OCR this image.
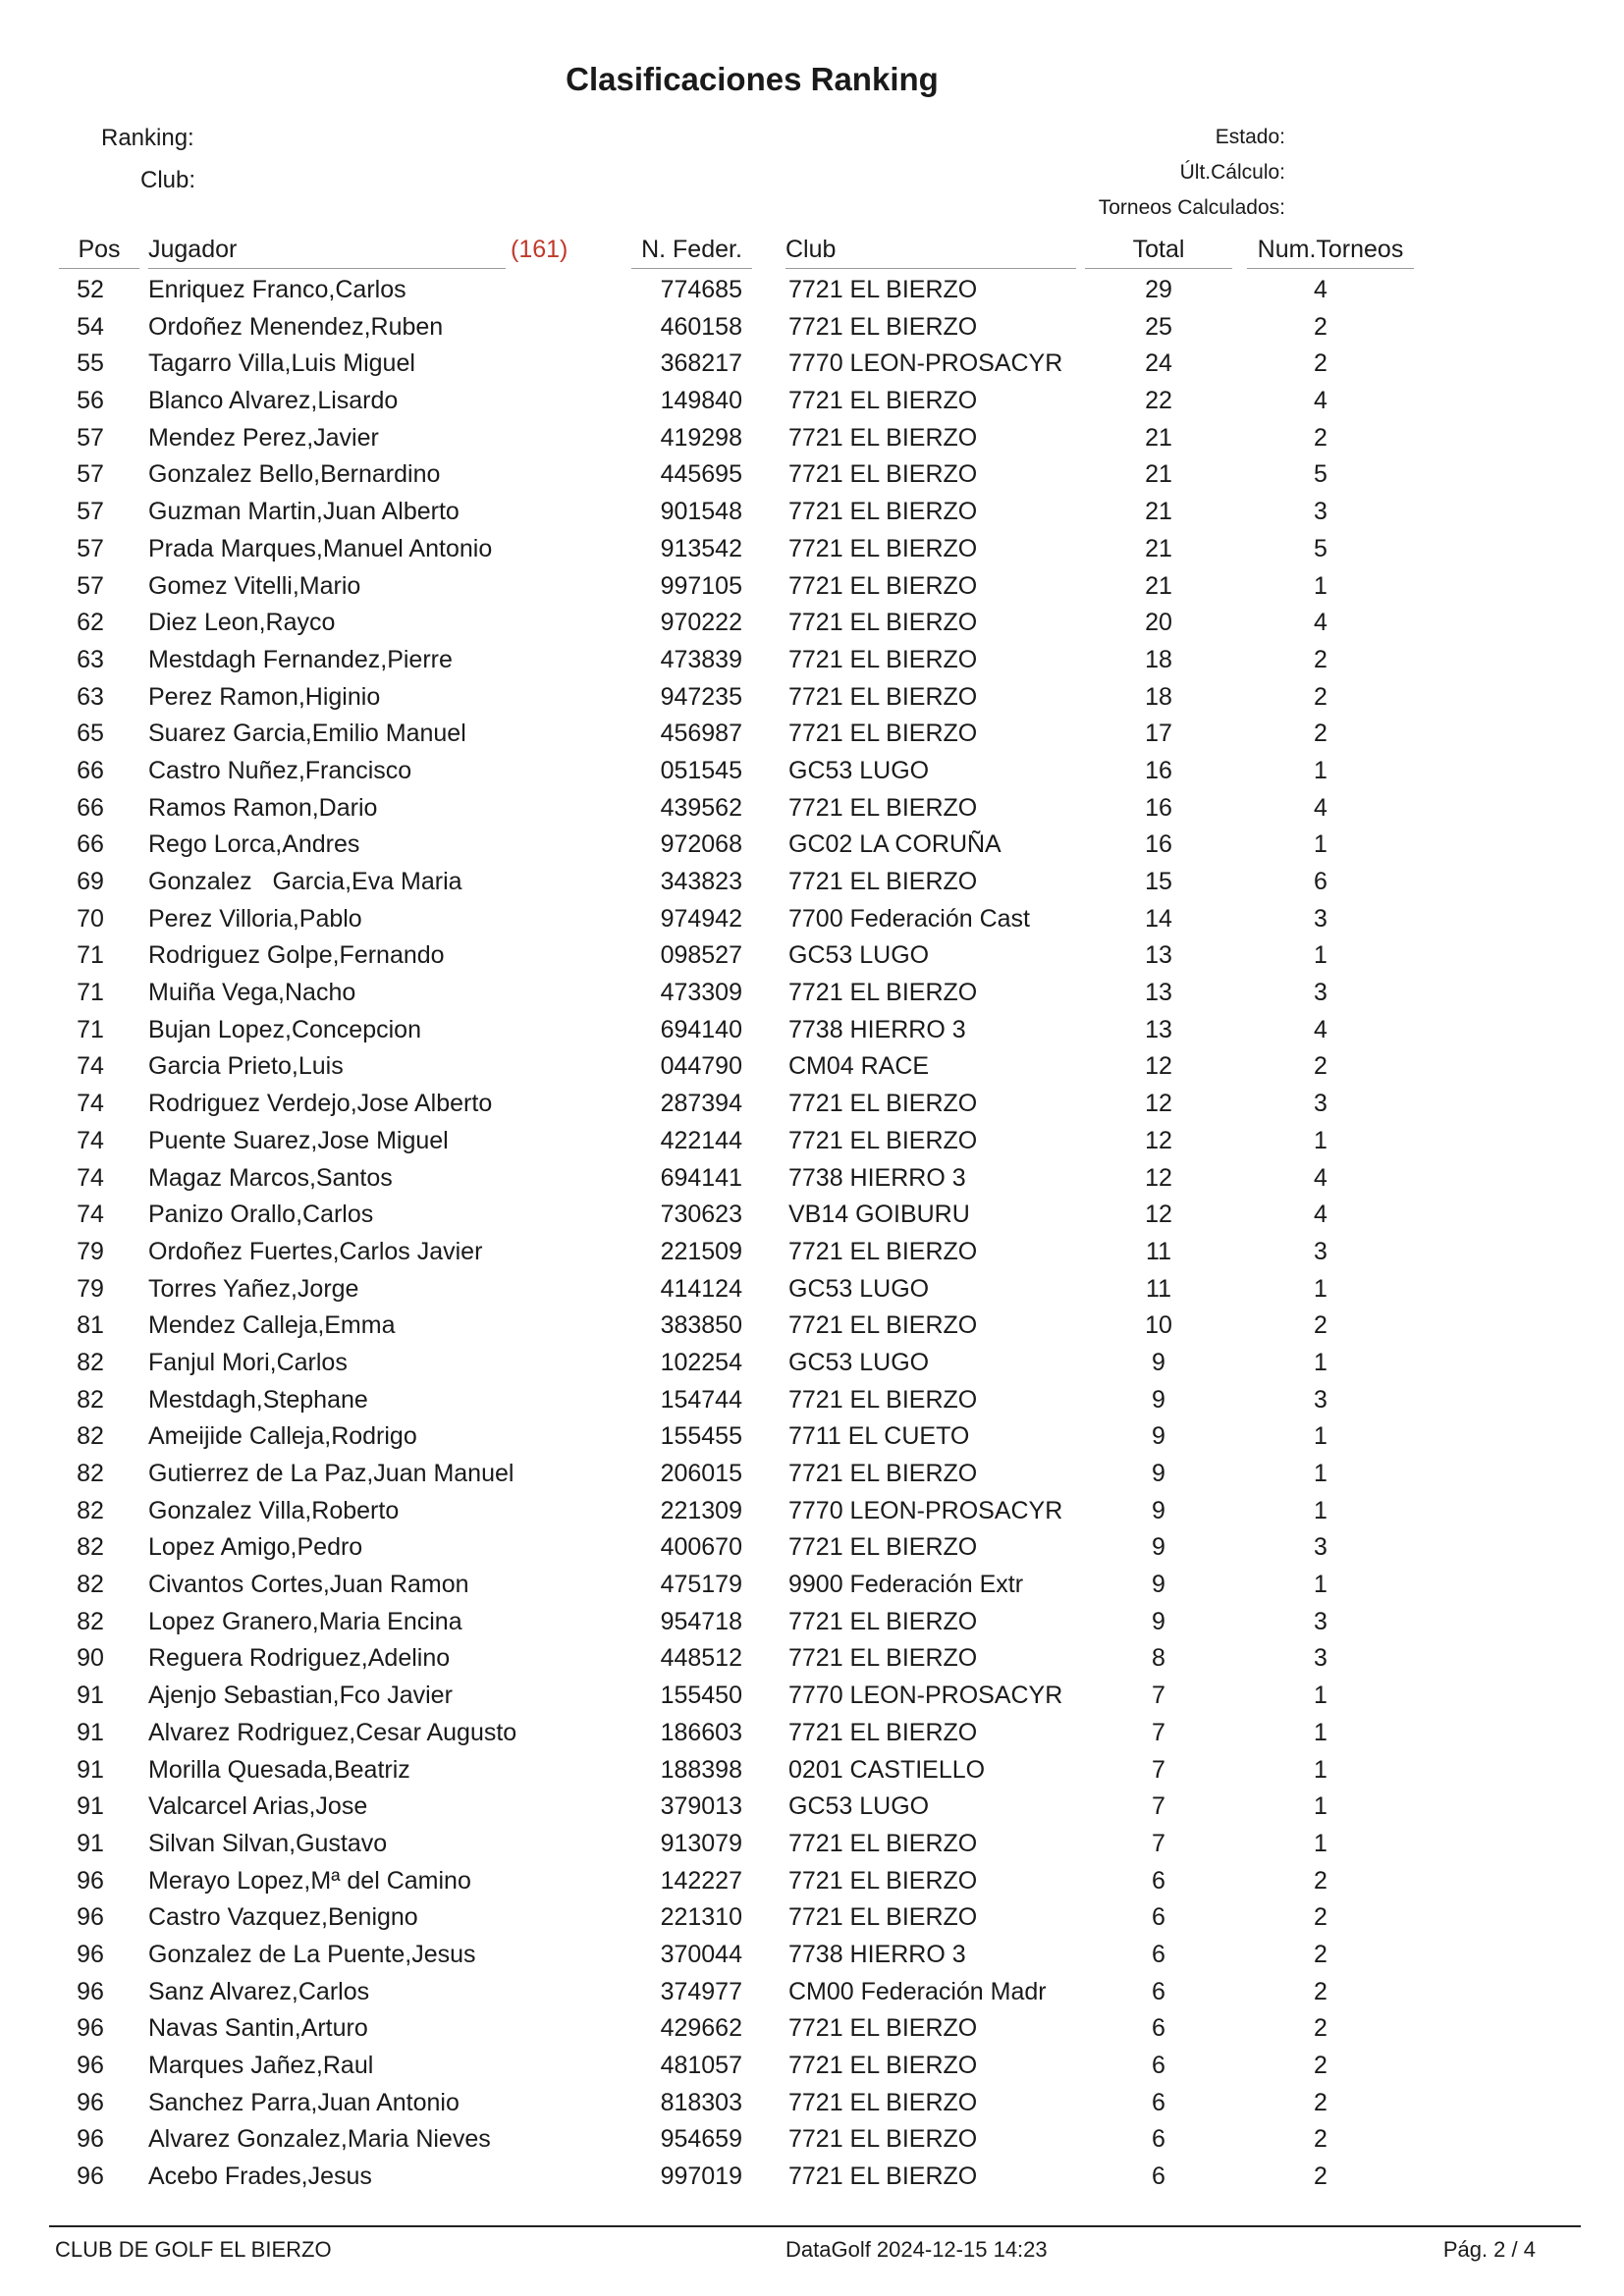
Clasificaciones Ranking
Ranking:
Club:
Estado:
Últ.Cálculo:
Torneos Calculados:
Pos	Jugador	(161)	N. Feder.	Club	Total	Num.Torneos
52	Enriquez Franco,Carlos	774685 7721 EL BIERZO	29	4
54	Ordoñez Menendez,Ruben	460158 7721 EL BIERZO	25	2
55	Tagarro Villa,Luis Miguel	368217 7770 LEON-PROSACYR	24	2
56	Blanco Alvarez,Lisardo	149840 7721 EL BIERZO	22	4
57	Mendez Perez,Javier	419298 7721 EL BIERZO	21	2
57	Gonzalez Bello,Bernardino	445695 7721 EL BIERZO	21	5
57	Guzman Martin,Juan Alberto	901548 7721 EL BIERZO	21	3
57	Prada Marques,Manuel Antonio	913542 7721 EL BIERZO	21	5
57	Gomez Vitelli,Mario	997105 7721 EL BIERZO	21	1
62	Diez Leon,Rayco	970222 7721 EL BIERZO	20	4
63	Mestdagh Fernandez,Pierre	473839 7721 EL BIERZO	18	2
63	Perez Ramon,Higinio	947235 7721 EL BIERZO	18	2
65	Suarez Garcia,Emilio Manuel	456987 7721 EL BIERZO	17	2
66	Castro Nuñez,Francisco	051545 GC53 LUGO	16	1
66	Ramos Ramon,Dario	439562 7721 EL BIERZO	16	4
66	Rego Lorca,Andres	972068 GC02 LA CORUÑA	16	1
69	Gonzalez   Garcia,Eva Maria	343823 7721 EL BIERZO	15	6
70	Perez Villoria,Pablo	974942 7700 Federación Cast	14	3
71	Rodriguez Golpe,Fernando	098527 GC53 LUGO	13	1
71	Muiña Vega,Nacho	473309 7721 EL BIERZO	13	3
71	Bujan Lopez,Concepcion	694140 7738 HIERRO 3	13	4
74	Garcia Prieto,Luis	044790 CM04 RACE	12	2
74	Rodriguez Verdejo,Jose Alberto	287394 7721 EL BIERZO	12	3
74	Puente Suarez,Jose Miguel	422144 7721 EL BIERZO	12	1
74	Magaz Marcos,Santos	694141 7738 HIERRO 3	12	4
74	Panizo Orallo,Carlos	730623 VB14 GOIBURU	12	4
79	Ordoñez Fuertes,Carlos Javier	221509 7721 EL BIERZO	11	3
79	Torres Yañez,Jorge	414124 GC53 LUGO	11	1
81	Mendez Calleja,Emma	383850 7721 EL BIERZO	10	2
82	Fanjul Mori,Carlos	102254 GC53 LUGO	9	1
82	Mestdagh,Stephane	154744 7721 EL BIERZO	9	3
82	Ameijide Calleja,Rodrigo	155455 7711 EL CUETO	9	1
82	Gutierrez de La Paz,Juan Manuel	206015 7721 EL BIERZO	9	1
82	Gonzalez Villa,Roberto	221309 7770 LEON-PROSACYR	9	1
82	Lopez Amigo,Pedro	400670 7721 EL BIERZO	9	3
82	Civantos Cortes,Juan Ramon	475179 9900 Federación Extr	9	1
82	Lopez Granero,Maria Encina	954718 7721 EL BIERZO	9	3
90	Reguera Rodriguez,Adelino	448512 7721 EL BIERZO	8	3
91	Ajenjo Sebastian,Fco Javier	155450 7770 LEON-PROSACYR	7	1
91	Alvarez Rodriguez,Cesar Augusto	186603 7721 EL BIERZO	7	1
91	Morilla Quesada,Beatriz	188398 0201 CASTIELLO	7	1
91	Valcarcel Arias,Jose	379013 GC53 LUGO	7	1
91	Silvan Silvan,Gustavo	913079 7721 EL BIERZO	7	1
96	Merayo Lopez,Mª del Camino	142227 7721 EL BIERZO	6	2
96	Castro Vazquez,Benigno	221310 7721 EL BIERZO	6	2
96	Gonzalez de La Puente,Jesus	370044 7738 HIERRO 3	6	2
96	Sanz Alvarez,Carlos	374977 CM00 Federación Madr	6	2
96	Navas Santin,Arturo	429662 7721 EL BIERZO	6	2
96	Marques Jañez,Raul	481057 7721 EL BIERZO	6	2
96	Sanchez Parra,Juan Antonio	818303 7721 EL BIERZO	6	2
96	Alvarez Gonzalez,Maria Nieves	954659 7721 EL BIERZO	6	2
96	Acebo Frades,Jesus	997019 7721 EL BIERZO	6	2
CLUB DE GOLF EL BIERZO	DataGolf 2024-12-15 14:23	Pág. 2 / 4
